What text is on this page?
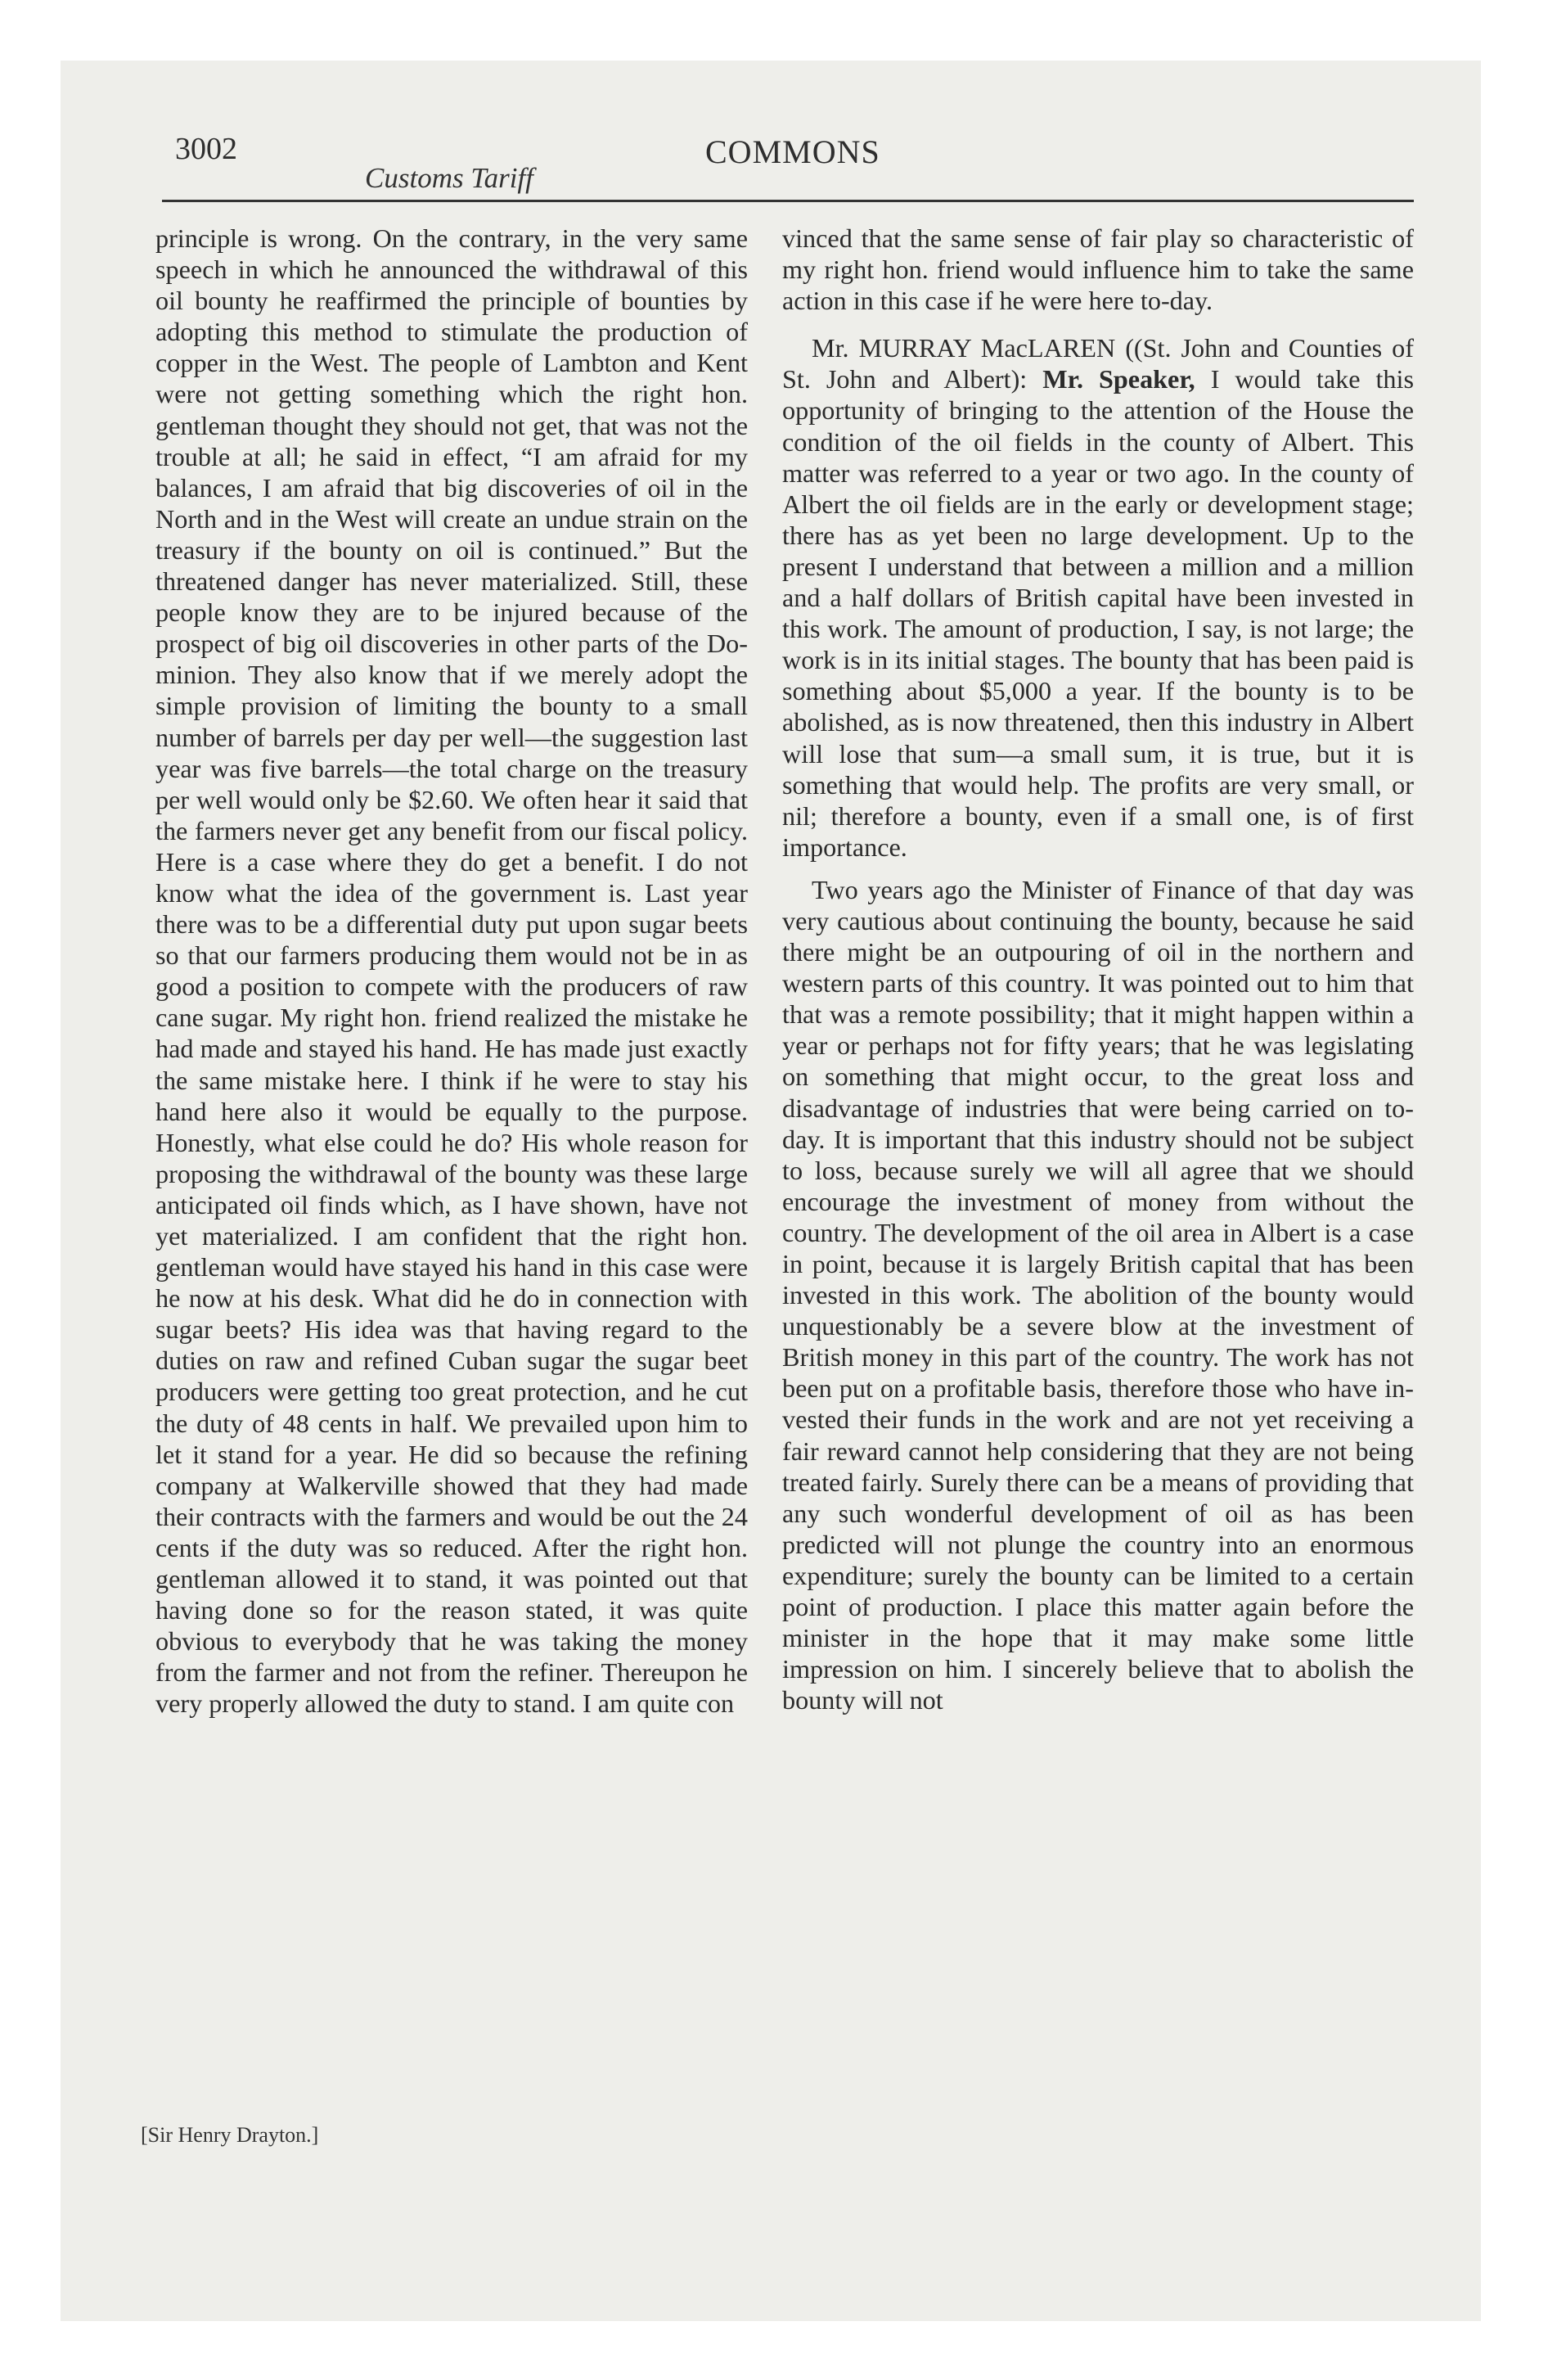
3002	COMMONS
Customs Tariff

principle is wrong. On the contrary, in the very same speech in which he announced the withdrawal of this oil bounty he reaffirmed the principle of bounties by adopting this method to stimulate the production of copper in the West. The people of Lambton and Kent were not getting something which the right hon. gentleman thought they should not get, that was not the trouble at all; he said in effect, “I am afraid for my balances, I am afraid that big discoveries of oil in the North and in the West will create an undue strain on the treasury if the bounty on oil is continued.” But the threatened danger has never materialized. Still, these people know they are to be injured because of the prospect of big oil discoveries in other parts of the Dominion. They also know that if we merely adopt the simple provision of limiting the bounty to a small number of barrels per day per well—the suggestion last year was five barrels—the total charge on the treasury per well would only be $2.60. We often hear it said that the farmers never get any benefit from our fiscal policy. Here is a case where they do get a benefit. I do not know what the idea of the government is. Last year there was to be a differential duty put upon sugar beets so that our farmers producing them would not be in as good a position to compete with the producers of raw cane sugar. My right hon. friend realized the mistake he had made and stayed his hand. He has made just exactly the same mistake here. I think if he were to stay his hand here also it would be equally to the purpose. Honestly, what else could he do? His whole reason for proposing the withdrawal of the bounty was these large anticipated oil finds which, as I have shown, have not yet materialized. I am confident that the right hon. gentleman would have stayed his hand in this case were he now at his desk. What did he do in connection with sugar beets? His idea was that having regard to the duties on raw and refined Cuban sugar the sugar beet producers were getting too great protection, and he cut the duty of 48 cents in half. We prevailed upon him to let it stand for a year. He did so because the refining company at Walkerville showed that they had made their contracts with the farmers and would be out the 24 cents if the duty was so reduced. After the right hon. gentleman allowed it to stand, it was pointed out that having done so for the reason stated, it was quite obvious to everybody that he was taking the money from the farmer and not from the refiner. Thereupon he very properly allowed the duty to stand. I am quite con

[Sir Henry Drayton.]

vinced that the same sense of fair play so characteristic of my right hon. friend would influence him to take the same action in this case if he were here to-day.

Mr. MURRAY MacLAREN ((St. John and Counties of St. John and Albert): Mr. Speaker, I would take this opportunity of bringing to the attention of the House the condition of the oil fields in the county of Albert. This matter was referred to a year or two ago. In the county of Albert the oil fields are in the early or development stage; there has as yet been no large development. Up to the present I understand that between a million and a million and a half dollars of British capital have been invested in this work. The amount of production, I say, is not large; the work is in its initial stages. The bounty that has been paid is something about $5,000 a year. If the bounty is to be abolished, as is now threatened, then this industry in Albert will lose that sum—a small sum, it is true, but it is something that would help. The profits are very small, or nil; therefore a bounty, even if a small one, is of first importance.

Two years ago the Minister of Finance of that day was very cautious about continuing the bounty, because he said there might be an outpouring of oil in the northern and western parts of this country. It was pointed out to him that that was a remote possibility; that it might happen within a year or perhaps not for fifty years; that he was legislating on something that might occur, to the great loss and disadvantage of industries that were being carried on to-day. It is important that this industry should not be subject to loss, because surely we will all agree that we should encourage the investment of money from without the country. The development of the oil area in Albert is a case in point, because it is largely British capital that has been invested in this work. The abolition of the bounty would unquestionably be a severe blow at the investment of British money in this part of the country. The work has not been put on a profitable basis, therefore those who have invested their funds in the work and are not yet receiving a fair reward cannot help considering that they are not being treated fairly. Surely there can be a means of providing that any such wonderful development of oil as has been predicted will not plunge the country into an enormous expenditure; surely the bounty can be limited to a certain point of production. I place this matter again before the minister in the hope that it may make some little impression on him. I sincerely believe that to abolish the bounty will not
